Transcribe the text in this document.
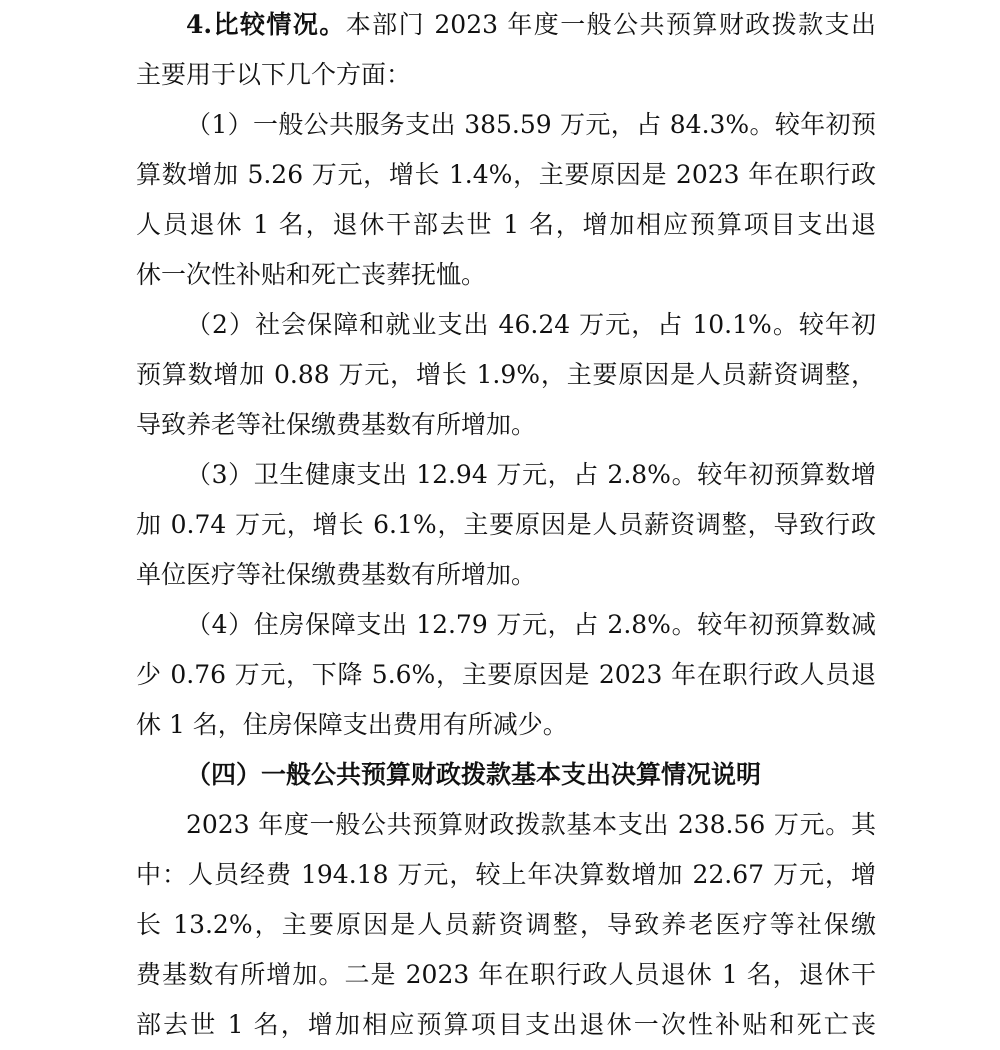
4.比较情况。本部门 2023 年度一般公共预算财政拨款支出
主要用于以下几个方面：
（1）一般公共服务支出 385.59 万元，占 84.3%。较年初预
算数增加 5.26 万元，增长 1.4%，主要原因是 2023 年在职行政
人员退休 1 名，退休干部去世 1 名，增加相应预算项目支出退
休一次性补贴和死亡丧葬抚恤。
（2）社会保障和就业支出 46.24 万元，占 10.1%。较年初
预算数增加 0.88 万元，增长 1.9%，主要原因是人员薪资调整，
导致养老等社保缴费基数有所增加。
（3）卫生健康支出 12.94 万元，占 2.8%。较年初预算数增
加 0.74 万元，增长 6.1%，主要原因是人员薪资调整，导致行政
单位医疗等社保缴费基数有所增加。
（4）住房保障支出 12.79 万元，占 2.8%。较年初预算数减
少 0.76 万元，下降 5.6%，主要原因是 2023 年在职行政人员退
休 1 名，住房保障支出费用有所减少。
（四）一般公共预算财政拨款基本支出决算情况说明
2023 年度一般公共预算财政拨款基本支出 238.56 万元。其
中：人员经费 194.18 万元，较上年决算数增加 22.67 万元，增
长 13.2%，主要原因是人员薪资调整，导致养老医疗等社保缴
费基数有所增加。二是 2023 年在职行政人员退休 1 名，退休干
部去世 1 名，增加相应预算项目支出退休一次性补贴和死亡丧
